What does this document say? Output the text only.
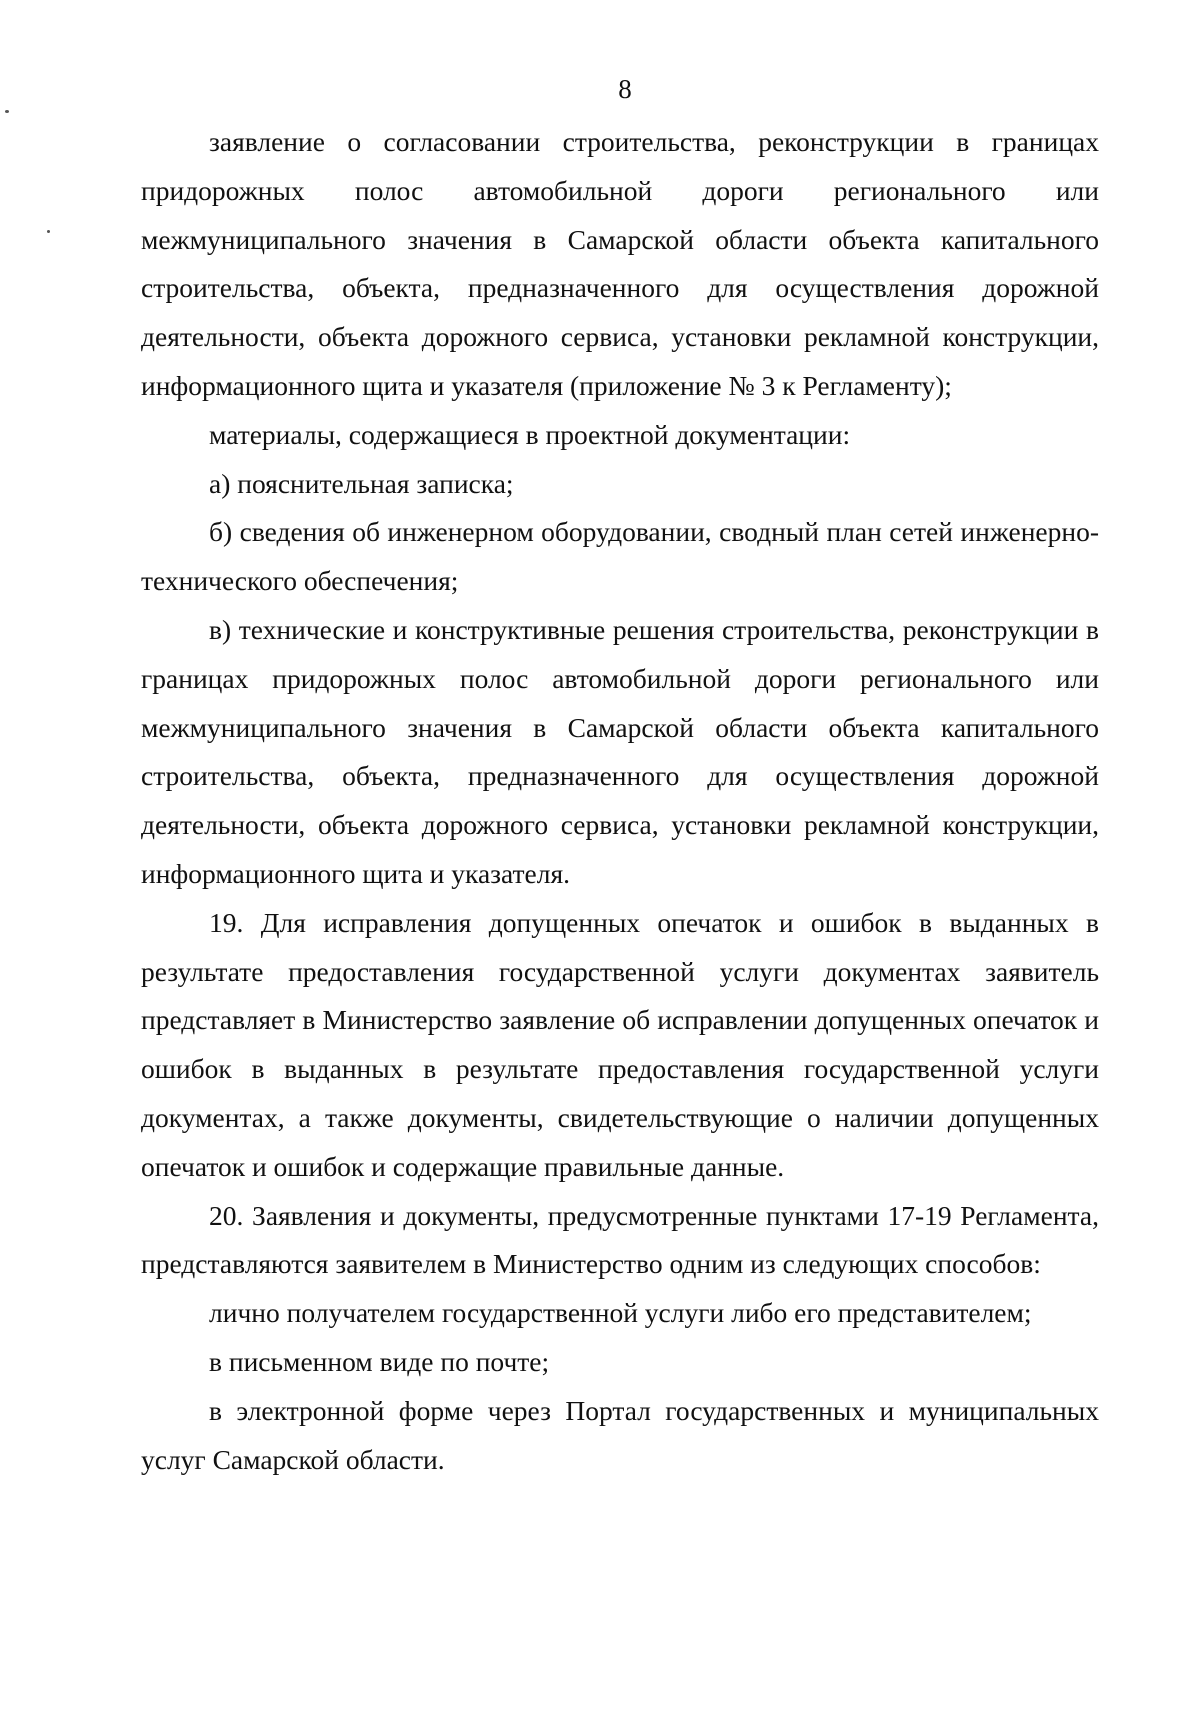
8

заявление о согласовании строительства, реконструкции в границах придорожных полос автомобильной дороги регионального или межмуниципального значения в Самарской области объекта капитального строительства, объекта, предназначенного для осуществления дорожной деятельности, объекта дорожного сервиса, установки рекламной конструкции, информационного щита и указателя (приложение № 3 к Регламенту);

материалы, содержащиеся в проектной документации:

а) пояснительная записка;

б) сведения об инженерном оборудовании, сводный план сетей инженерно-технического обеспечения;

в) технические и конструктивные решения строительства, реконструкции в границах придорожных полос автомобильной дороги регионального или межмуниципального значения в Самарской области объекта капитального строительства, объекта, предназначенного для осуществления дорожной деятельности, объекта дорожного сервиса, установки рекламной конструкции, информационного щита и указателя.

19. Для исправления допущенных опечаток и ошибок в выданных в результате предоставления государственной услуги документах заявитель представляет в Министерство заявление об исправлении допущенных опечаток и ошибок в выданных в результате предоставления государственной услуги документах, а также документы, свидетельствующие о наличии допущенных опечаток и ошибок и содержащие правильные данные.

20. Заявления и документы, предусмотренные пунктами 17-19 Регламента, представляются заявителем в Министерство одним из следующих способов:

лично получателем государственной услуги либо его представителем;

в письменном виде по почте;

в электронной форме через Портал государственных и муниципальных услуг Самарской области.
